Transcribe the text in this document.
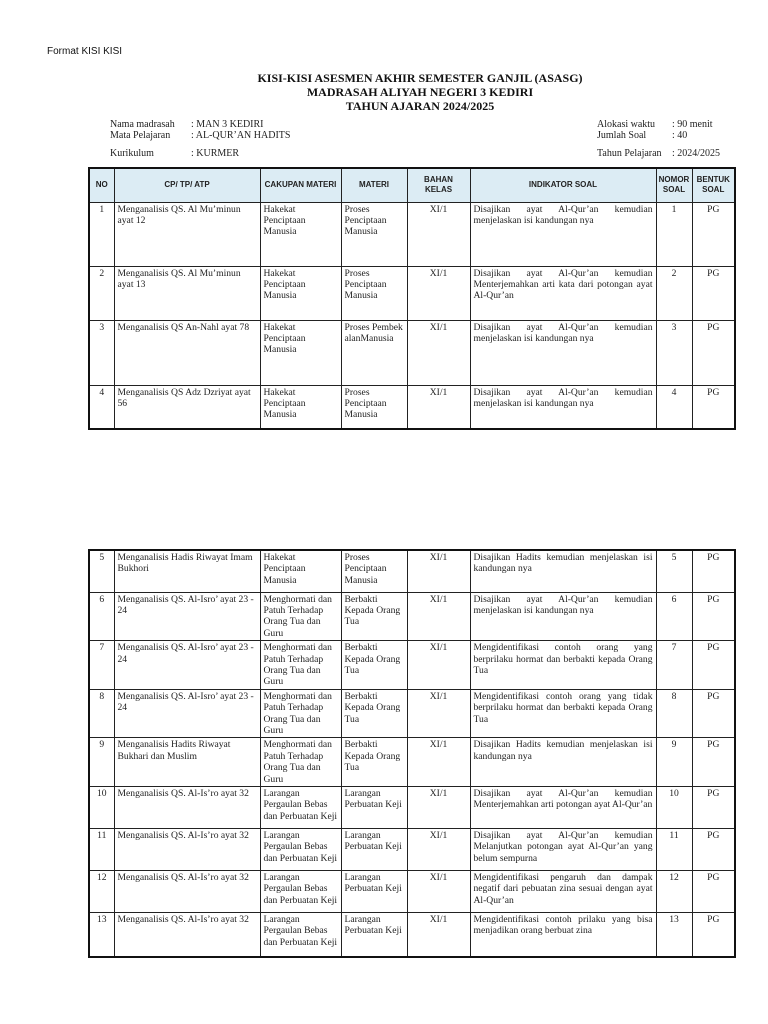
Format KISI KISI
KISI-KISI ASESMEN AKHIR SEMESTER GANJIL (ASASG)
MADRASAH ALIYAH NEGERI 3 KEDIRI
TAHUN AJARAN 2024/2025
Nama madrasah : MAN 3 KEDIRI
Mata Pelajaran : AL-QUR’AN HADITS
Kurikulum	: KURMER
Alokasi waktu : 90 menit
Jumlah Soal	: 40
Tahun Pelajaran : 2024/2025
NO	CP/ TP/ ATP	CAKUPAN MATERI	MATERI	BAHAN KELAS	INDIKATOR SOAL	NOMOR SOAL	BENTUK SOAL
1	Menganalisis QS. Al Mu’minun ayat 12	Hakekat Penciptaan Manusia	Proses Penciptaan Manusia	XI/1	Disajikan ayat Al-Qur’an kemudian menjelaskan isi kandungan nya	1	PG
2	Menganalisis QS. Al Mu’minun ayat 13	Hakekat Penciptaan Manusia	Proses Penciptaan Manusia	XI/1	Disajikan ayat Al-Qur’an kemudian Menterjemahkan arti kata dari potongan ayat Al-Qur’an	2	PG
3	Menganalisis QS An-Nahl ayat 78	Hakekat Penciptaan Manusia	Proses PembekalanManusia	XI/1	Disajikan ayat Al-Qur’an kemudian menjelaskan isi kandungan nya	3	PG
4	Menganalisis QS Adz Dzriyat ayat 56	Hakekat Penciptaan Manusia	Proses Penciptaan Manusia	XI/1	Disajikan ayat Al-Qur’an kemudian menjelaskan isi kandungan nya	4	PG
5	Menganalisis Hadis Riwayat Imam Bukhori	Hakekat Penciptaan Manusia	Proses Penciptaan Manusia	XI/1	Disajikan Hadits kemudian menjelaskan isi kandungan nya	5	PG
6	Menganalisis QS. Al-Isro’ ayat 23 - 24	Menghormati dan Patuh Terhadap Orang Tua dan Guru	Berbakti Kepada Orang Tua	XI/1	Disajikan ayat Al-Qur’an kemudian menjelaskan isi kandungan nya	6	PG
7	Menganalisis QS. Al-Isro’ ayat 23 - 24	Menghormati dan Patuh Terhadap Orang Tua dan Guru	Berbakti Kepada Orang Tua	XI/1	Mengidentifikasi contoh orang yang berprilaku hormat dan berbakti kepada Orang Tua	7	PG
8	Menganalisis QS. Al-Isro’ ayat 23 - 24	Menghormati dan Patuh Terhadap Orang Tua dan Guru	Berbakti Kepada Orang Tua	XI/1	Mengidentifikasi contoh orang yang tidak berprilaku hormat dan berbakti kepada Orang Tua	8	PG
9	Menganalisis Hadits Riwayat Bukhari dan Muslim	Menghormati dan Patuh Terhadap Orang Tua dan Guru	Berbakti Kepada Orang Tua	XI/1	Disajikan Hadits kemudian menjelaskan isi kandungan nya	9	PG
10	Menganalisis QS. Al-Is’ro ayat 32	Larangan Pergaulan Bebas dan Perbuatan Keji	Larangan Perbuatan Keji	XI/1	Disajikan ayat Al-Qur’an kemudian Menterjemahkan arti potongan ayat Al-Qur’an	10	PG
11	Menganalisis QS. Al-Is’ro ayat 32	Larangan Pergaulan Bebas dan Perbuatan Keji	Larangan Perbuatan Keji	XI/1	Disajikan ayat Al-Qur’an kemudian Melanjutkan potongan ayat Al-Qur’an yang belum sempurna	11	PG
12	Menganalisis QS. Al-Is’ro ayat 32	Larangan Pergaulan Bebas dan Perbuatan Keji	Larangan Perbuatan Keji	XI/1	Mengidentifikasi pengaruh dan dampak negatif dari pebuatan zina sesuai dengan ayat Al-Qur’an	12	PG
13	Menganalisis QS. Al-Is’ro ayat 32	Larangan Pergaulan Bebas dan Perbuatan Keji	Larangan Perbuatan Keji	XI/1	Mengidentifikasi contoh prilaku yang bisa menjadikan orang berbuat zina	13	PG
